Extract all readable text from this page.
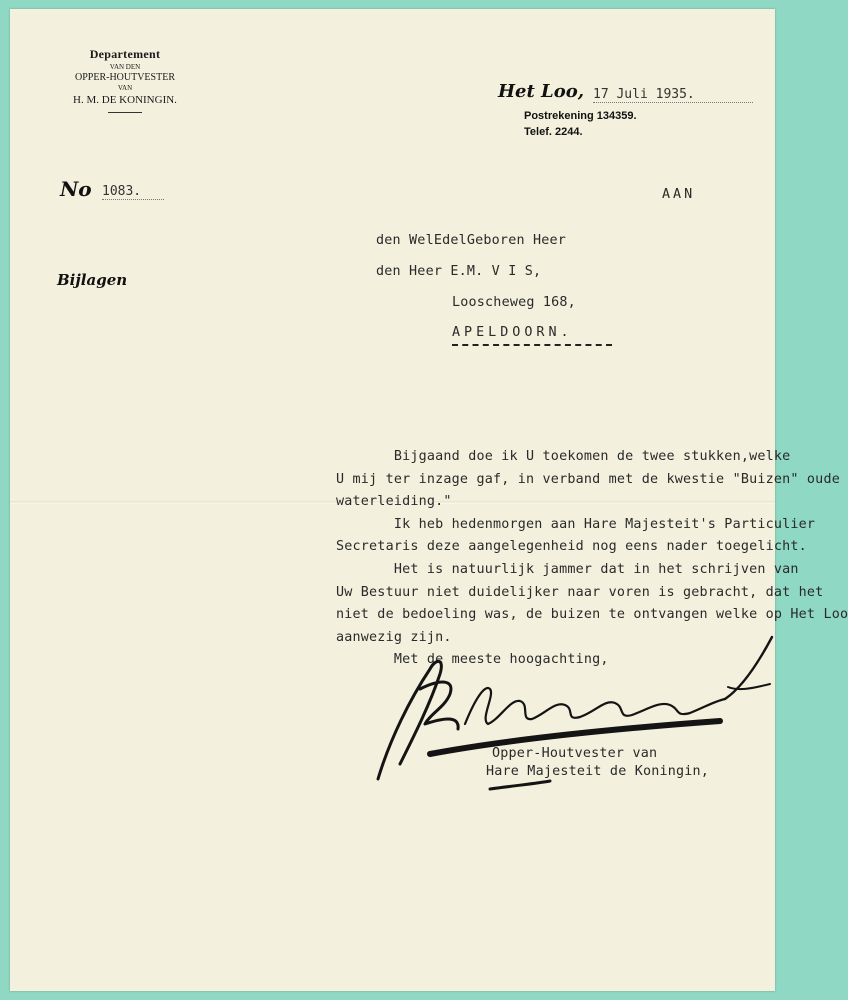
Departement
VAN DEN
OPPER-HOUTVESTER
VAN
H. M. DE KONINGIN.	Het Loo, 17 Juli 1935.
Postrekening 134359.
Telef. 2244.
No 1083.
Bijlagen
AAN
den WelEdelGeboren Heer
den Heer E.M. V I S,
Looscheweg 168,
APELDOORN.

Bijgaand doe ik U toekomen de twee stukken,welke

U mij ter inzage gaf, in verband met de kwestie "Buizen" oude

waterleiding."

Ik heb hedenmorgen aan Hare Majesteit's Particulier

Secretaris deze aangelegenheid nog eens nader toegelicht.

Het is natuurlijk jammer dat in het schrijven van

Uw Bestuur niet duidelijker naar voren is gebracht, dat het

niet de bedoeling was, de buizen te ontvangen welke op Het Loo

aanwezig zijn.

Met de meeste hoogachting,

Opper-Houtvester van
Hare Majesteit de Koningin,
